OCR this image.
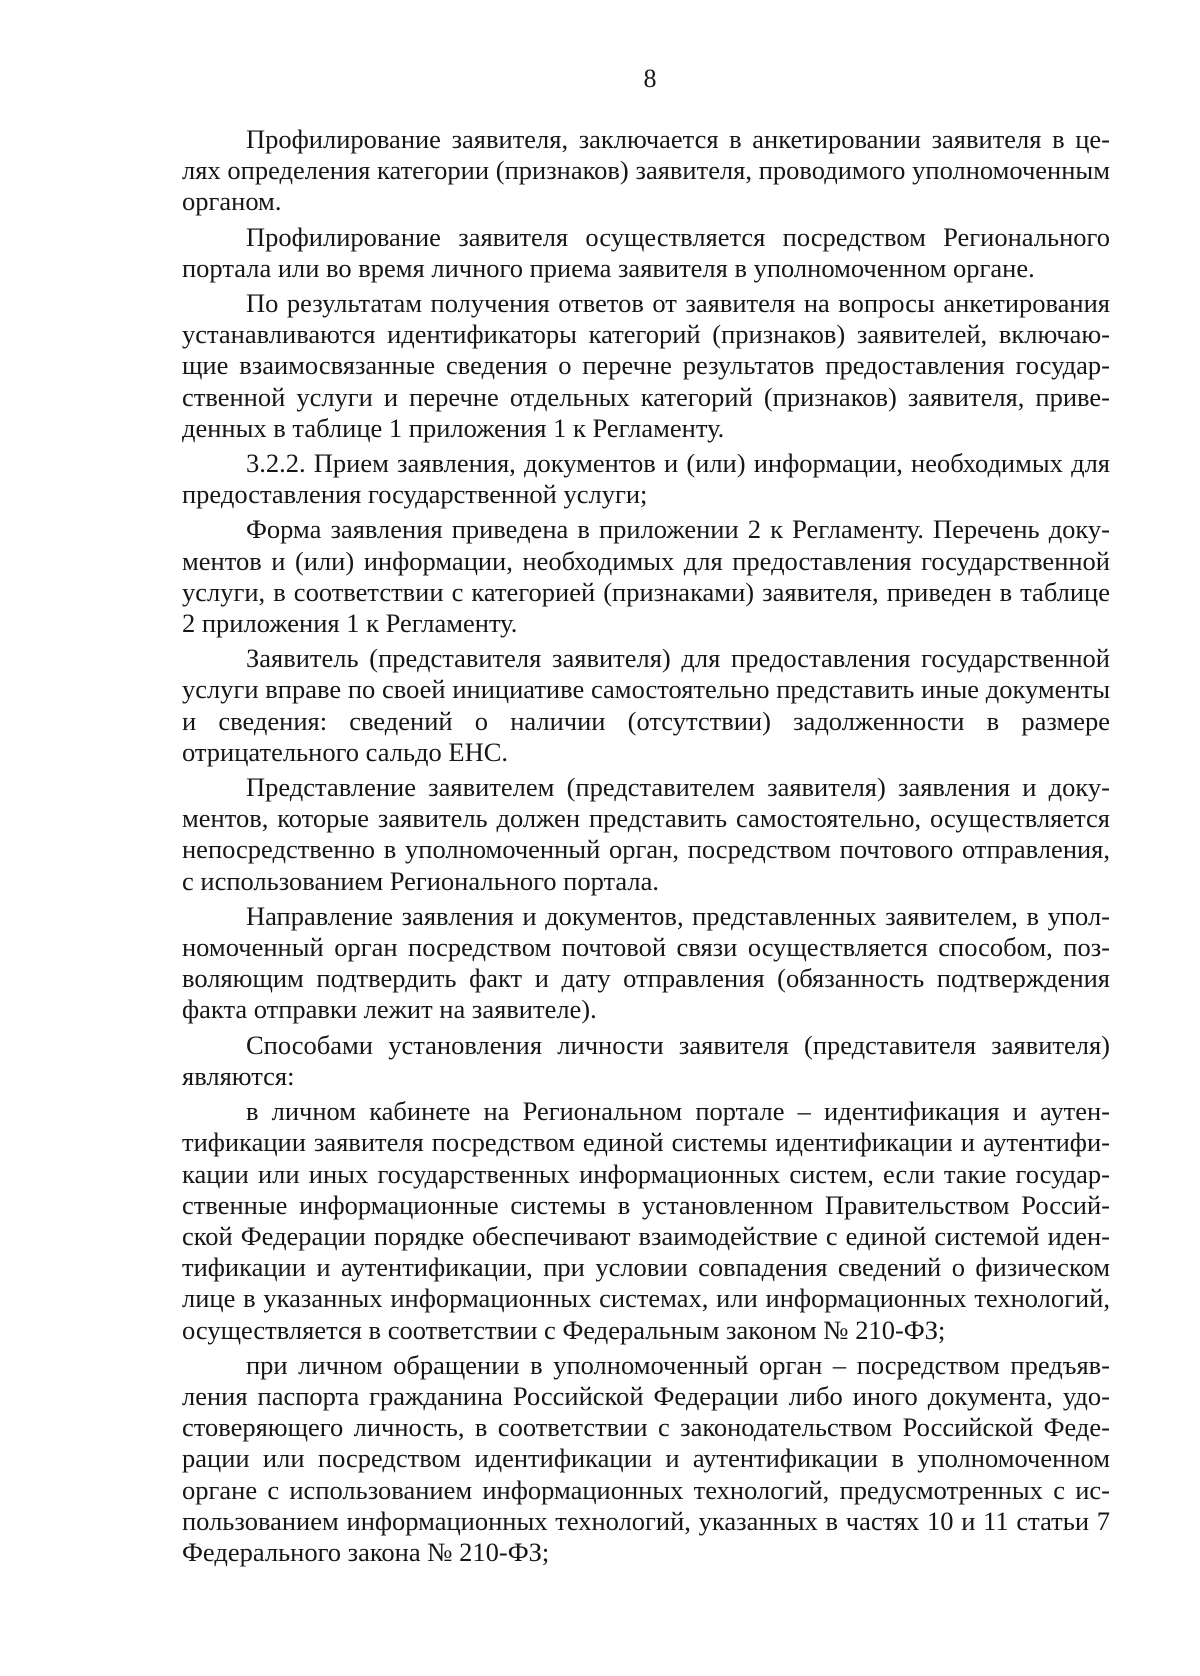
8

Профилирование заявителя, заключается в анкетировании заявителя в целях определения категории (признаков) заявителя, проводимого уполномоченным органом.

Профилирование заявителя осуществляется посредством Регионального портала или во время личного приема заявителя в уполномоченном органе.

По результатам получения ответов от заявителя на вопросы анкетирования устанавливаются идентификаторы категорий (признаков) заявителей, включающие взаимосвязанные сведения о перечне результатов предоставления государственной услуги и перечне отдельных категорий (признаков) заявителя, приведенных в таблице 1 приложения 1 к Регламенту.

3.2.2. Прием заявления, документов и (или) информации, необходимых для предоставления государственной услуги;

Форма заявления приведена в приложении 2 к Регламенту. Перечень документов и (или) информации, необходимых для предоставления государственной услуги, в соответствии с категорией (признаками) заявителя, приведен в таблице 2 приложения 1 к Регламенту.

Заявитель (представителя заявителя) для предоставления государственной услуги вправе по своей инициативе самостоятельно представить иные документы и сведения: сведений о наличии (отсутствии) задолженности в размере отрицательного сальдо ЕНС.

Представление заявителем (представителем заявителя) заявления и документов, которые заявитель должен представить самостоятельно, осуществляется непосредственно в уполномоченный орган, посредством почтового отправления, с использованием Регионального портала.

Направление заявления и документов, представленных заявителем, в уполномоченный орган посредством почтовой связи осуществляется способом, позволяющим подтвердить факт и дату отправления (обязанность подтверждения факта отправки лежит на заявителе).

Способами установления личности заявителя (представителя заявителя) являются:

в личном кабинете на Региональном портале – идентификация и аутентификации заявителя посредством единой системы идентификации и аутентификации или иных государственных информационных систем, если такие государственные информационные системы в установленном Правительством Российской Федерации порядке обеспечивают взаимодействие с единой системой идентификации и аутентификации, при условии совпадения сведений о физическом лице в указанных информационных системах, или информационных технологий, осуществляется в соответствии с Федеральным законом № 210-ФЗ;

при личном обращении в уполномоченный орган – посредством предъявления паспорта гражданина Российской Федерации либо иного документа, удостоверяющего личность, в соответствии с законодательством Российской Федерации или посредством идентификации и аутентификации в уполномоченном органе с использованием информационных технологий, предусмотренных с использованием информационных технологий, указанных в частях 10 и 11 статьи 7 Федерального закона № 210-ФЗ;
